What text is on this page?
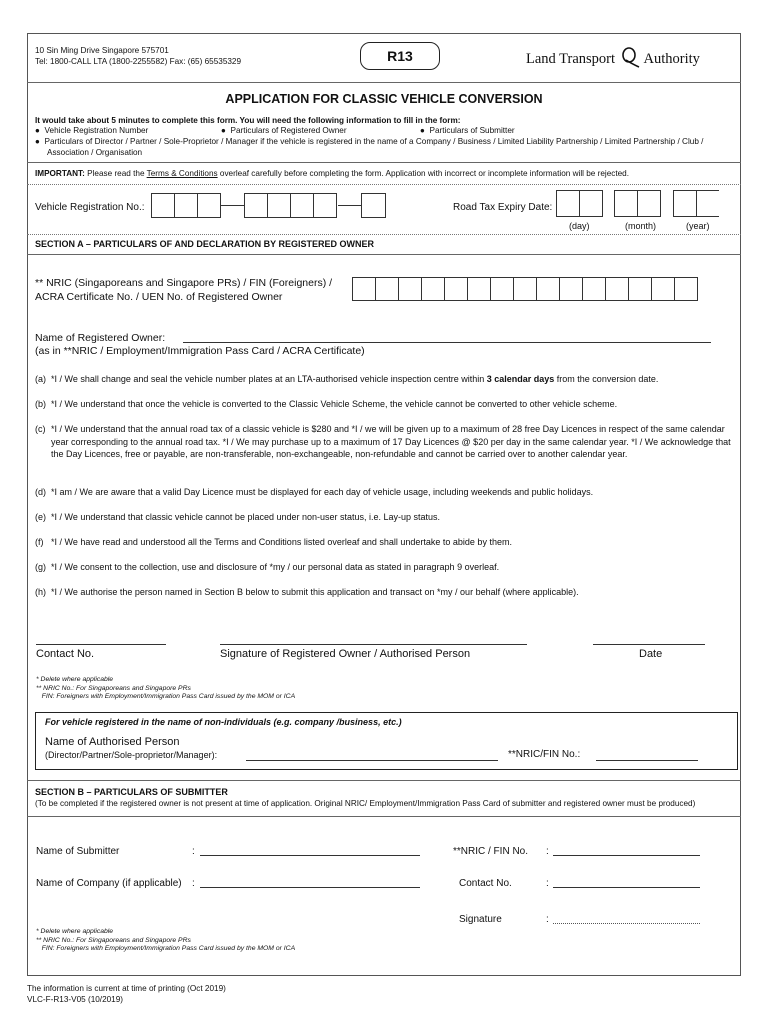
10 Sin Ming Drive Singapore 575701
Tel: 1800-CALL LTA (1800-2255582) Fax: (65) 65535329	R13	Land Transport Authority
APPLICATION FOR CLASSIC VEHICLE CONVERSION
It would take about 5 minutes to complete this form. You will need the following information to fill in the form:
● Vehicle Registration Number	● Particulars of Registered Owner	● Particulars of Submitter
● Particulars of Director / Partner / Sole-Proprietor / Manager if the vehicle is registered in the name of a Company / Business / Limited Liability Partnership / Limited Partnership / Club /
Association / Organisation
IMPORTANT: Please read the Terms & Conditions overleaf carefully before completing the form. Application with incorrect or incomplete information will be rejected.
Vehicle Registration No.:	Road Tax Expiry Date:
(day)	(month)	(year)
SECTION A – PARTICULARS OF AND DECLARATION BY REGISTERED OWNER
** NRIC (Singaporeans and Singapore PRs) / FIN (Foreigners) /
ACRA Certificate No. / UEN No. of Registered Owner
Name of Registered Owner:
(as in **NRIC / Employment/Immigration Pass Card / ACRA Certificate)
(a) *I / We shall change and seal the vehicle number plates at an LTA-authorised vehicle inspection centre within 3 calendar days from the conversion date.
(b) *I / We understand that once the vehicle is converted to the Classic Vehicle Scheme, the vehicle cannot be converted to other vehicle scheme.
(c) *I / We understand that the annual road tax of a classic vehicle is $280 and *I / we will be given up to a maximum of 28 free Day Licences in respect of the same calendar year corresponding to the annual road tax. *I / We may purchase up to a maximum of 17 Day Licences @ $20 per day in the same calendar year. *I / We acknowledge that the Day Licences, free or payable, are non-transferable, non-exchangeable, non-refundable and cannot be carried over to another calendar year.
(d) *I am / We are aware that a valid Day Licence must be displayed for each day of vehicle usage, including weekends and public holidays.
(e) *I / We understand that classic vehicle cannot be placed under non-user status, i.e. Lay-up status.
(f) *I / We have read and understood all the Terms and Conditions listed overleaf and shall undertake to abide by them.
(g) *I / We consent to the collection, use and disclosure of *my / our personal data as stated in paragraph 9 overleaf.
(h) *I / We authorise the person named in Section B below to submit this application and transact on *my / our behalf (where applicable).
Contact No.	Signature of Registered Owner / Authorised Person	Date
* Delete where applicable
** NRIC No.: For Singaporeans and Singapore PRs
FIN: Foreigners with Employment/Immigration Pass Card issued by the MOM or ICA
For vehicle registered in the name of non-individuals (e.g. company /business, etc.)
Name of Authorised Person
(Director/Partner/Sole-proprietor/Manager):	**NRIC/FIN No.:
SECTION B – PARTICULARS OF SUBMITTER
(To be completed if the registered owner is not present at time of application. Original NRIC/ Employment/Immigration Pass Card of submitter and registered owner must be produced)
Name of Submitter	:	**NRIC / FIN No. :
Name of Company (if applicable) :	Contact No.	:
Signature	:
* Delete where applicable
** NRIC No.: For Singaporeans and Singapore PRs
FIN: Foreigners with Employment/Immigration Pass Card issued by the MOM or ICA
The information is current at time of printing (Oct 2019)
VLC-F-R13-V05 (10/2019)
